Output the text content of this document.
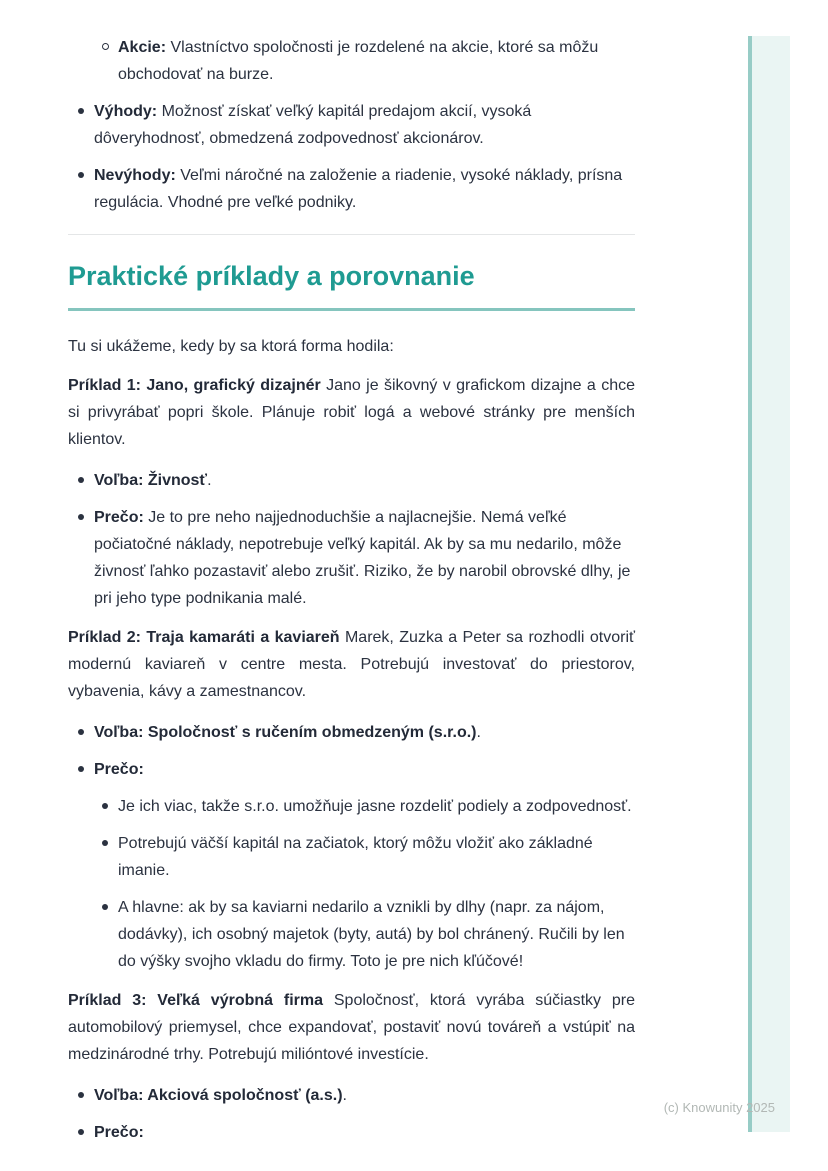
Akcie: Vlastníctvo spoločnosti je rozdelené na akcie, ktoré sa môžu obchodovať na burze.
Výhody: Možnosť získať veľký kapitál predajom akcií, vysoká dôveryhodnosť, obmedzená zodpovednosť akcionárov.
Nevýhody: Veľmi náročné na založenie a riadenie, vysoké náklady, prísna regulácia. Vhodné pre veľké podniky.
Praktické príklady a porovnanie

Tu si ukážeme, kedy by sa ktorá forma hodila:

Príklad 1: Jano, grafický dizajnér Jano je šikovný v grafickom dizajne a chce si privyrábať popri škole. Plánuje robiť logá a webové stránky pre menších klientov.

Voľba: Živnosť.
Prečo: Je to pre neho najjednoduchšie a najlacnejšie. Nemá veľké počiatočné náklady, nepotrebuje veľký kapitál. Ak by sa mu nedarilo, môže živnosť ľahko pozastaviť alebo zrušiť. Riziko, že by narobil obrovské dlhy, je pri jeho type podnikania malé.

Príklad 2: Traja kamaráti a kaviareň Marek, Zuzka a Peter sa rozhodli otvoriť modernú kaviareň v centre mesta. Potrebujú investovať do priestorov, vybavenia, kávy a zamestnancov.

Voľba: Spoločnosť s ručením obmedzeným (s.r.o.).
Prečo:
Je ich viac, takže s.r.o. umožňuje jasne rozdeliť podiely a zodpovednosť.
Potrebujú väčší kapitál na začiatok, ktorý môžu vložiť ako základné imanie.
A hlavne: ak by sa kaviarni nedarilo a vznikli by dlhy (napr. za nájom, dodávky), ich osobný majetok (byty, autá) by bol chránený. Ručili by len do výšky svojho vkladu do firmy. Toto je pre nich kľúčové!

Príklad 3: Veľká výrobná firma Spoločnosť, ktorá vyrába súčiastky pre automobilový priemysel, chce expandovať, postaviť novú továreň a vstúpiť na medzinárodné trhy. Potrebujú milióntové investície.

Voľba: Akciová spoločnosť (a.s.).
Prečo:
(c) Knowunity 2025
